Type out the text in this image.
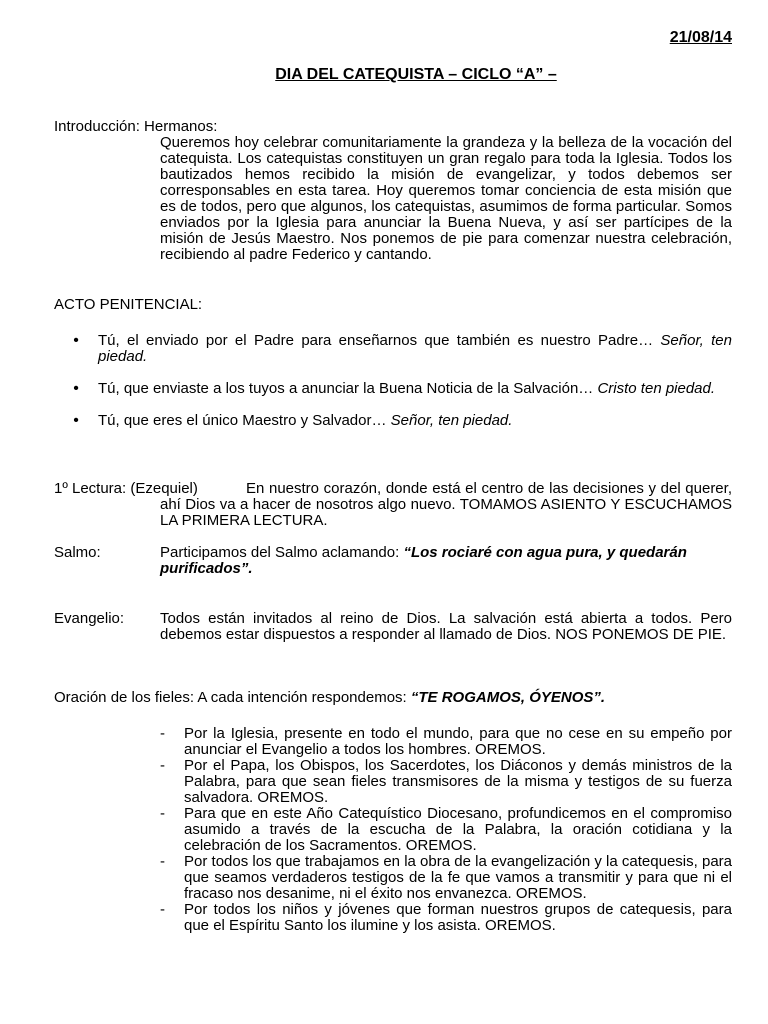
21/08/14
DIA DEL CATEQUISTA – CICLO “A” –
Introducción: Hermanos:
Queremos hoy celebrar comunitariamente la grandeza y la belleza de la vocación del catequista. Los catequistas constituyen un gran regalo para toda la Iglesia. Todos los bautizados hemos recibido la misión de evangelizar, y todos debemos ser corresponsables en esta tarea. Hoy queremos tomar conciencia de esta misión que es de todos, pero que algunos, los catequistas, asumimos de forma particular. Somos enviados por la Iglesia para anunciar la Buena Nueva, y así ser partícipes de la misión de Jesús Maestro. Nos ponemos de pie para comenzar nuestra celebración, recibiendo al padre Federico y cantando.
ACTO PENITENCIAL:
•	Tú, el enviado por el Padre para enseñarnos que también es nuestro Padre… Señor, ten piedad.
•	Tú, que enviaste a los tuyos a anunciar la Buena Noticia de la Salvación… Cristo ten piedad.
•	Tú, que eres el único Maestro y Salvador… Señor, ten piedad.
1º Lectura: (Ezequiel)	En nuestro corazón, donde está el centro de las decisiones y del querer, ahí Dios va a hacer de nosotros algo nuevo. TOMAMOS ASIENTO Y ESCUCHAMOS LA PRIMERA LECTURA.
Salmo:	Participamos del Salmo aclamando: “Los rociaré con agua pura, y quedarán purificados”.
Evangelio:	Todos están invitados al reino de Dios. La salvación está abierta a todos. Pero debemos estar dispuestos a responder al llamado de Dios. NOS PONEMOS DE PIE.
Oración de los fieles: A cada intención respondemos: “TE ROGAMOS, ÓYENOS”.
-	Por la Iglesia, presente en todo el mundo, para que no cese en su empeño por anunciar el Evangelio a todos los hombres. OREMOS.
-	Por el Papa, los Obispos, los Sacerdotes, los Diáconos y demás ministros de la Palabra, para que sean fieles transmisores de la misma y testigos de su fuerza salvadora. OREMOS.
-	Para que en este Año Catequístico Diocesano, profundicemos en el compromiso asumido a través de la escucha de la Palabra, la oración cotidiana y la celebración de los Sacramentos. OREMOS.
-	Por todos los que trabajamos en la obra de la evangelización y la catequesis, para que seamos verdaderos testigos de la fe que vamos a transmitir y para que ni el fracaso nos desanime, ni el éxito nos envanezca. OREMOS.
-	Por todos los niños y jóvenes que forman nuestros grupos de catequesis, para que el Espíritu Santo los ilumine y los asista. OREMOS.
